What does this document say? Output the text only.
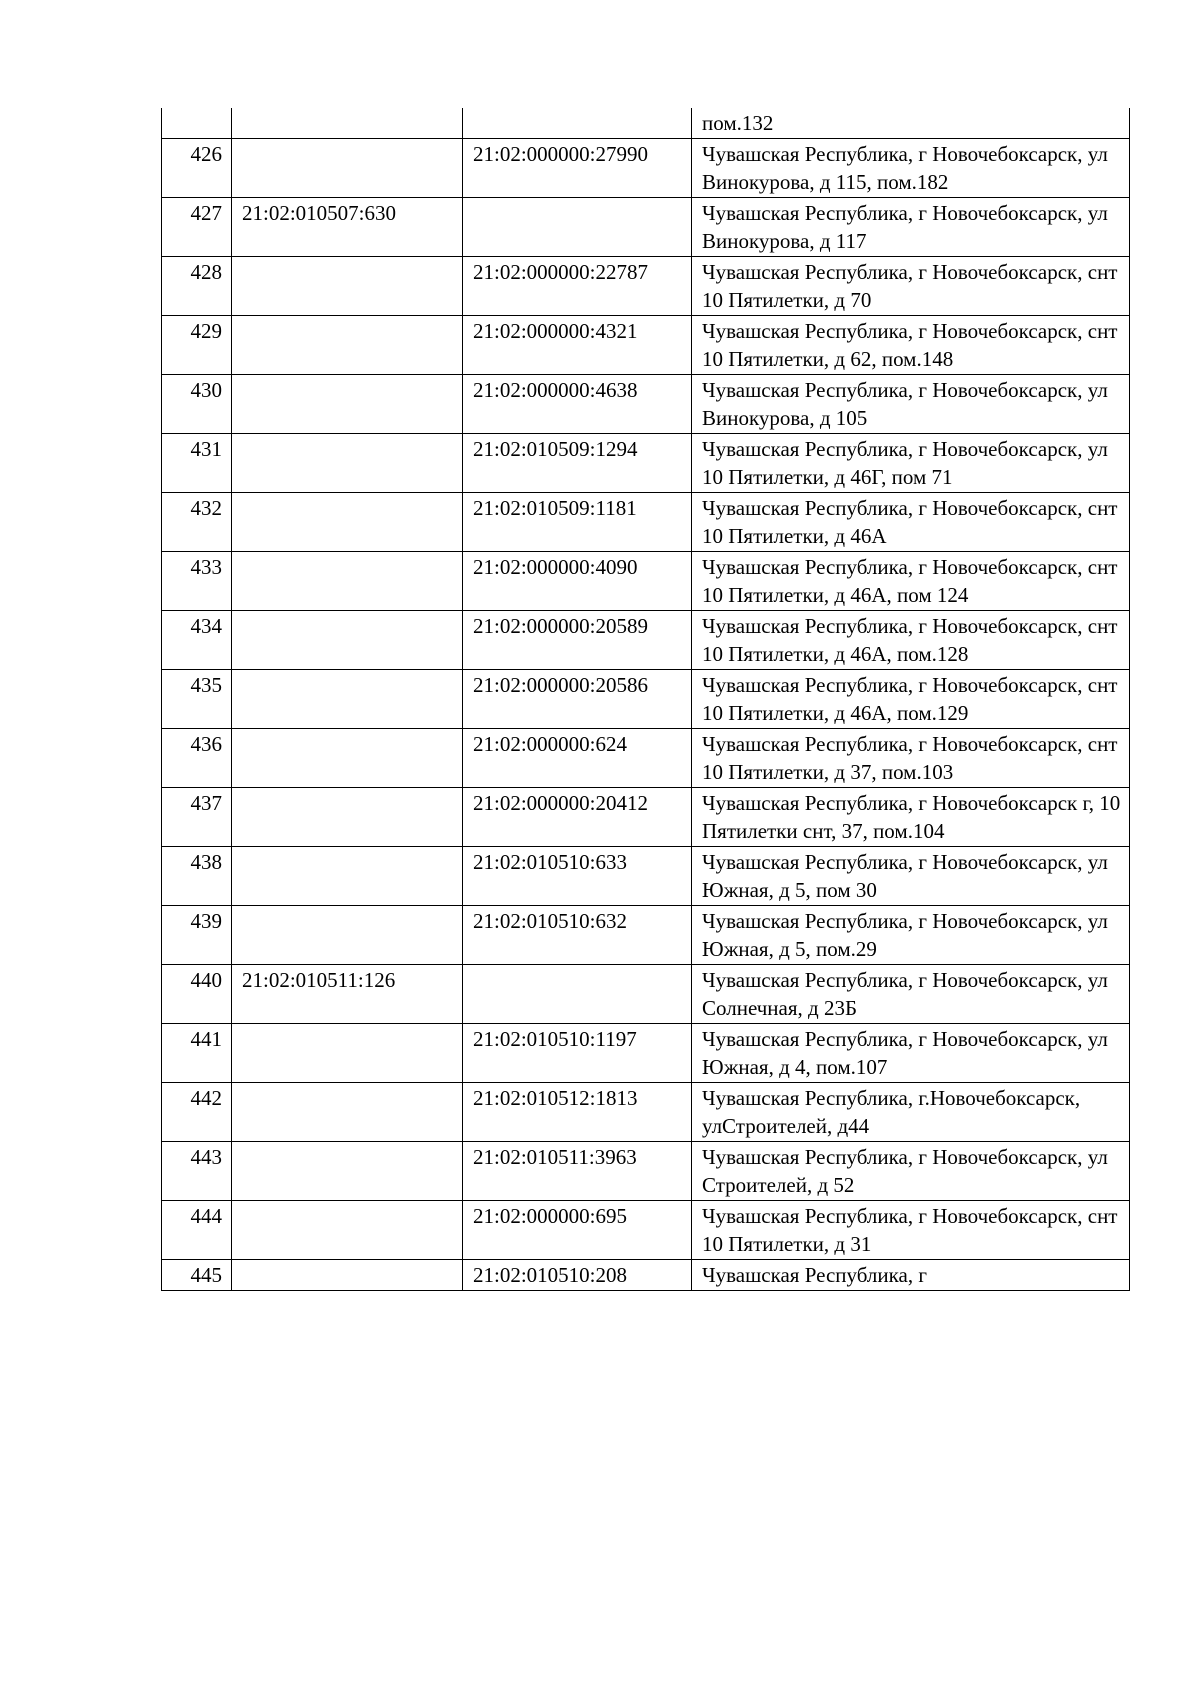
			пом.132
426		21:02:000000:27990	Чувашская Республика, г Новочебоксарск, ул Винокурова, д 115, пом.182
427	21:02:010507:630		Чувашская Республика, г Новочебоксарск, ул Винокурова, д 117
428		21:02:000000:22787	Чувашская Республика, г Новочебоксарск, снт 10 Пятилетки, д 70
429		21:02:000000:4321	Чувашская Республика, г Новочебоксарск, снт 10 Пятилетки, д 62, пом.148
430		21:02:000000:4638	Чувашская Республика, г Новочебоксарск, ул Винокурова, д 105
431		21:02:010509:1294	Чувашская Республика, г Новочебоксарск, ул 10 Пятилетки, д 46Г, пом 71
432		21:02:010509:1181	Чувашская Республика, г Новочебоксарск, снт 10 Пятилетки, д 46А
433		21:02:000000:4090	Чувашская Республика, г Новочебоксарск, снт 10 Пятилетки, д 46А, пом 124
434		21:02:000000:20589	Чувашская Республика, г Новочебоксарск, снт 10 Пятилетки, д 46А, пом.128
435		21:02:000000:20586	Чувашская Республика, г Новочебоксарск, снт 10 Пятилетки, д 46А, пом.129
436		21:02:000000:624	Чувашская Республика, г Новочебоксарск, снт 10 Пятилетки, д 37, пом.103
437		21:02:000000:20412	Чувашская Республика, г Новочебоксарск г, 10 Пятилетки снт, 37, пом.104
438		21:02:010510:633	Чувашская Республика, г Новочебоксарск, ул Южная, д 5, пом 30
439		21:02:010510:632	Чувашская Республика, г Новочебоксарск, ул Южная, д 5, пом.29
440	21:02:010511:126		Чувашская Республика, г Новочебоксарск, ул Солнечная, д 23Б
441		21:02:010510:1197	Чувашская Республика, г Новочебоксарск, ул Южная, д 4, пом.107
442		21:02:010512:1813	Чувашская Республика, г.Новочебоксарск, улСтроителей, д44
443		21:02:010511:3963	Чувашская Республика, г Новочебоксарск, ул Строителей, д 52
444		21:02:000000:695	Чувашская Республика, г Новочебоксарск, снт 10 Пятилетки, д 31
445		21:02:010510:208	Чувашская Республика, г
